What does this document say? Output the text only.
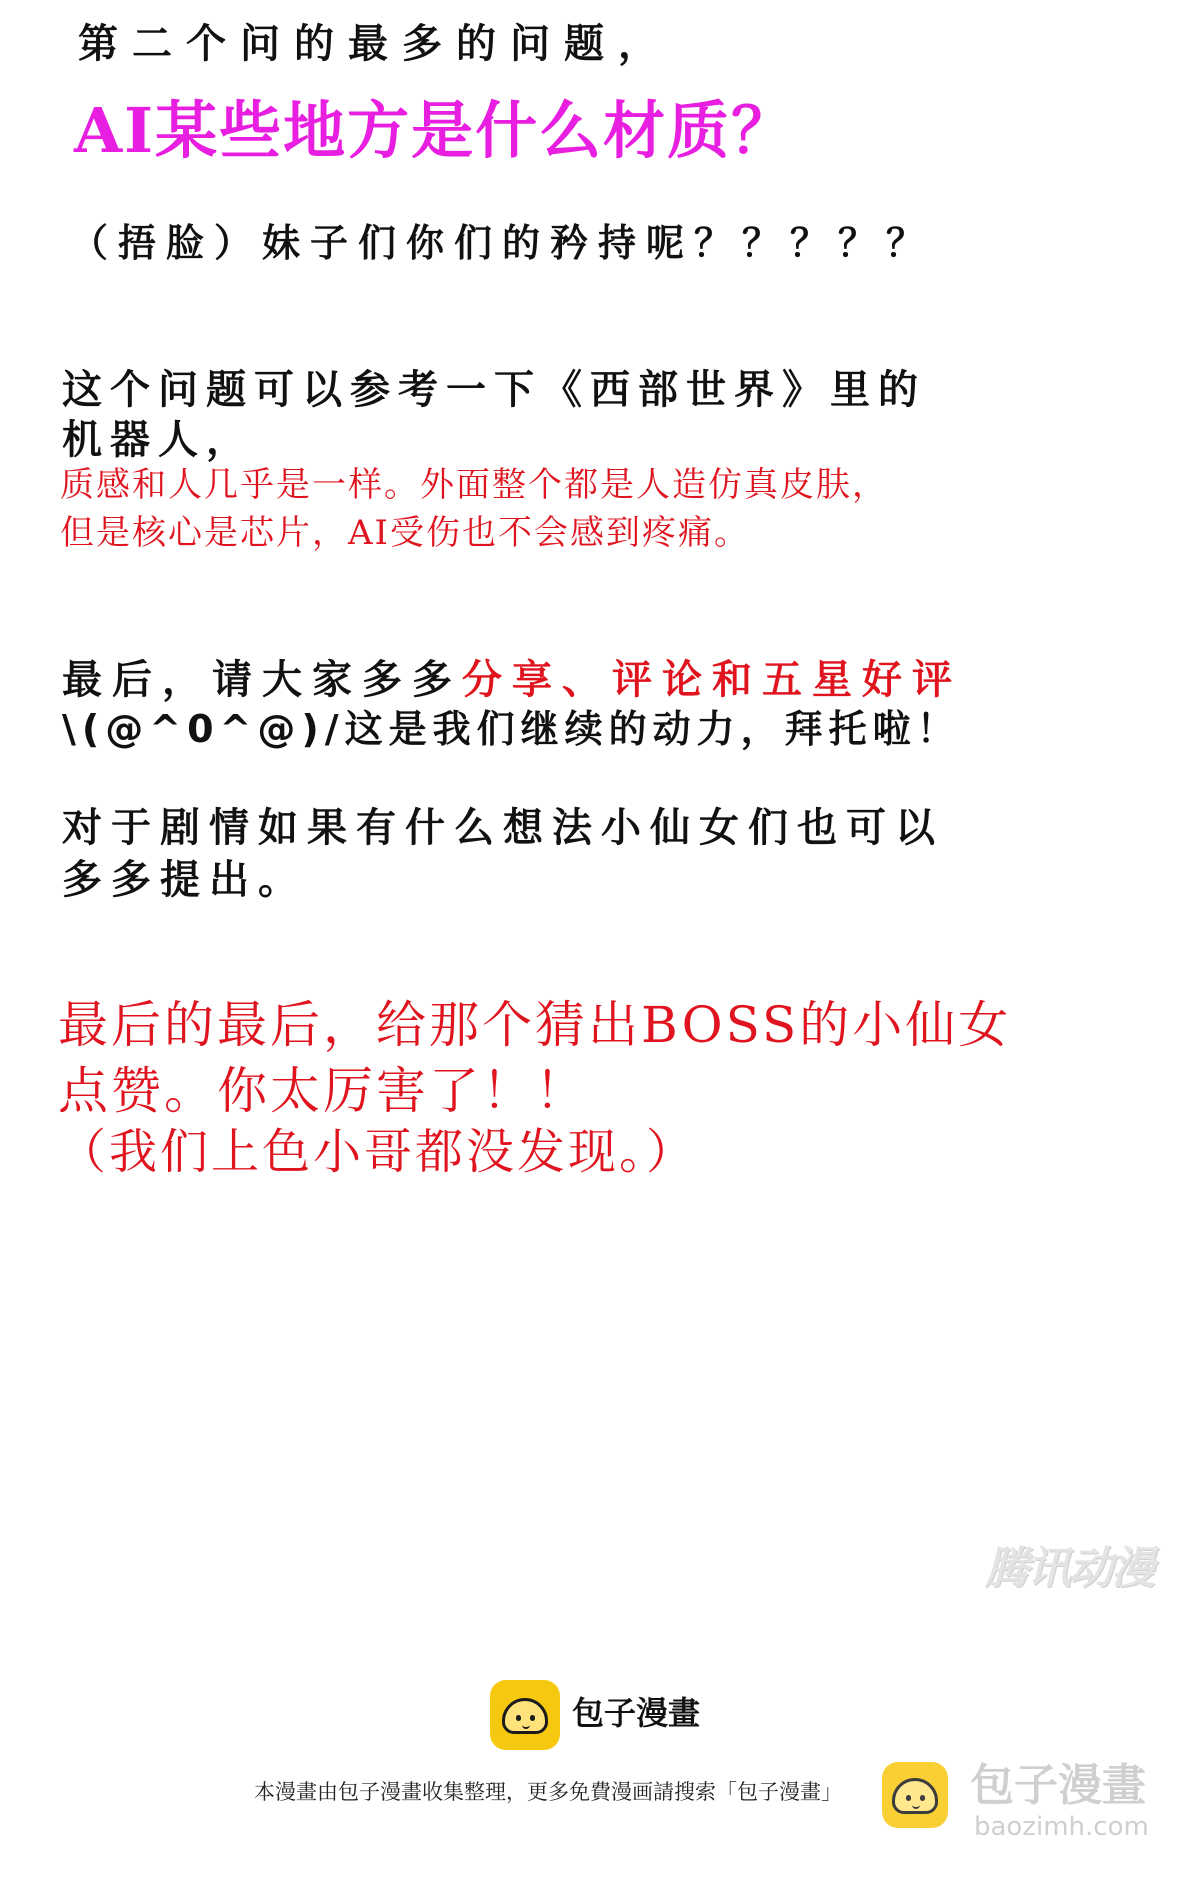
第二个问的最多的问题，
AI某些地方是什么材质？
（捂脸）妹子们你们的矜持呢？？？？？
这个问题可以参考一下《西部世界》里的
机器人，
质感和人几乎是一样。外面整个都是人造仿真皮肤，
但是核心是芯片，AI受伤也不会感到疼痛。
最后，请大家多多分享、评论和五星好评
\(@^0^@)/这是我们继续的动力，拜托啦！
对于剧情如果有什么想法小仙女们也可以
多多提出。
最后的最后，给那个猜出BOSS的小仙女
点赞。你太厉害了！！
（我们上色小哥都没发现。）
腾讯动漫
包子漫畫
本漫畫由包子漫畫收集整理，更多免費漫画請搜索「包子漫畫」	包子漫畫
baozimh.com
